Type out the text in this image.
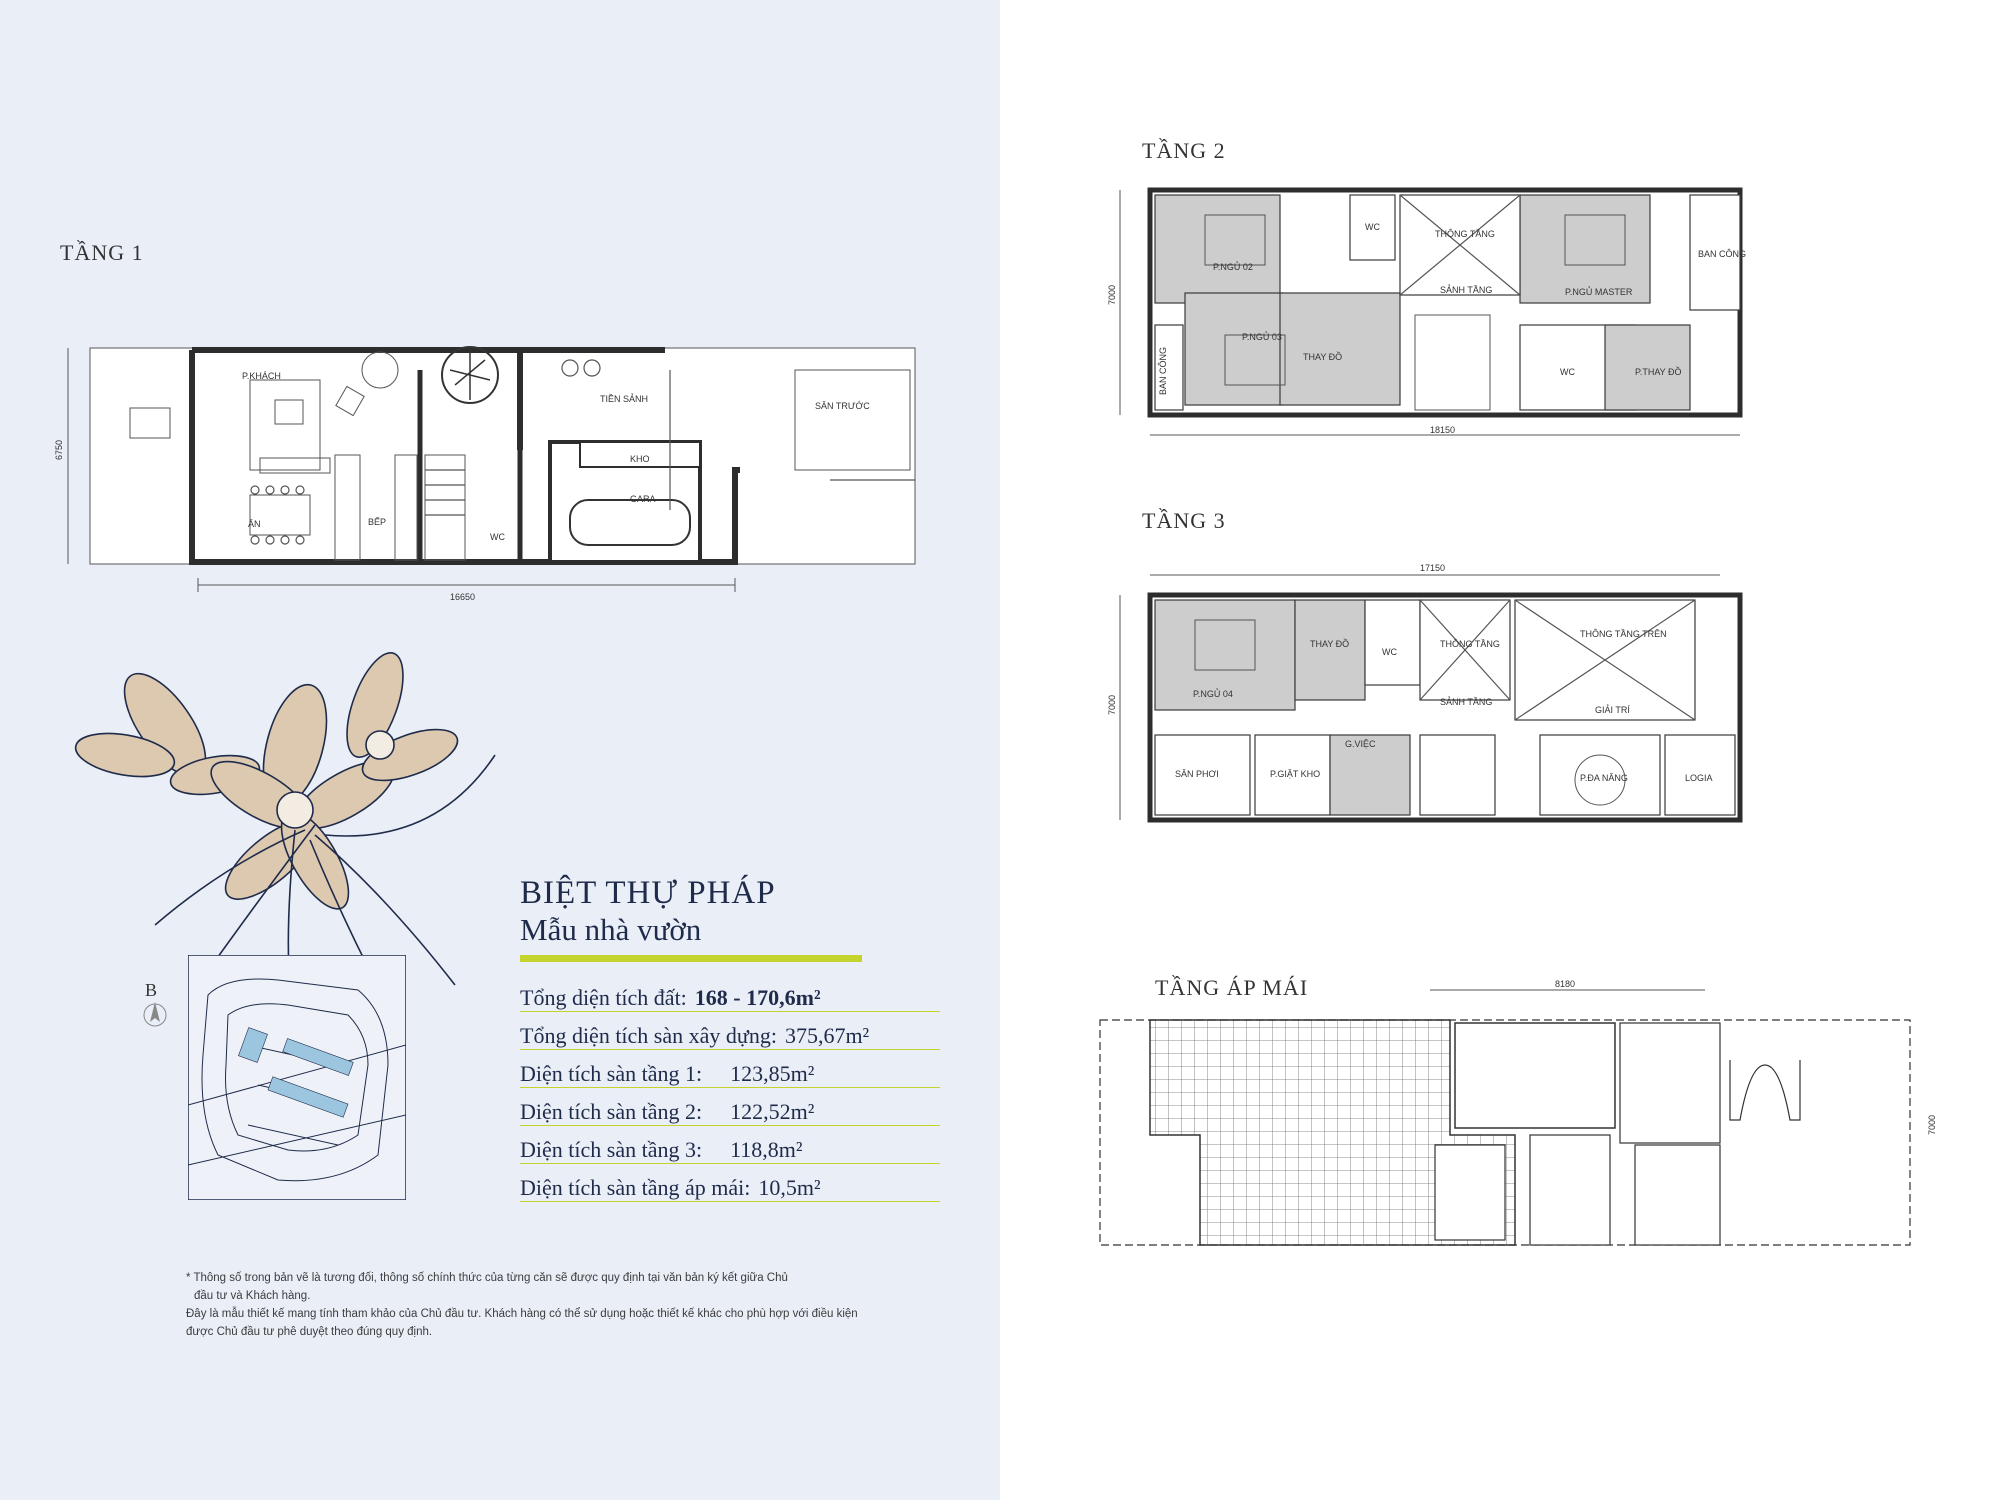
TẦNG 1
6750
16650
P.KHÁCH
TIỀN SẢNH
SÂN TRƯỚC
KHO
ĂN	BẾP
WC
GARA
B
BIỆT THỰ PHÁP
Mẫu nhà vườn
Tổng diện tích đất: 168 - 170,6m²
Tổng diện tích sàn xây dựng: 375,67m²
Diện tích sàn tầng 1: 123,85m²
Diện tích sàn tầng 2: 122,52m²
Diện tích sàn tầng 3: 118,8m²
Diện tích sàn tầng áp mái: 10,5m²

* Thông số trong bản vẽ là tương đối, thông số chính thức của từng căn sẽ được quy định tại văn bản ký kết giữa Chủ

đầu tư và Khách hàng.

Đây là mẫu thiết kế mang tính tham khảo của Chủ đầu tư. Khách hàng có thể sử dụng hoặc thiết kế khác cho phù hợp với điều kiện

được Chủ đầu tư phê duyệt theo đúng quy định.

TẦNG 2
7000
18150
P.NGỦ 02
WC
THÔNG TẦNG
P.NGỦ MASTER
BAN CÔNG
SẢNH TẦNG
P.NGỦ 03
THAY ĐỒ
BAN CÔNG	WC	P.THAY ĐỒ
TẦNG 3
17150
7000
THAY ĐỒ
WC
THÔNG TẦNG
THÔNG TẦNG TRÊN
P.NGỦ 04
SẢNH TẦNG
GIẢI TRÍ
SÂN PHƠI	P.GIẶT KHO
G.VIỆC
P.ĐA NĂNG	LOGIA
TẦNG ÁP MÁI	8180
7000
